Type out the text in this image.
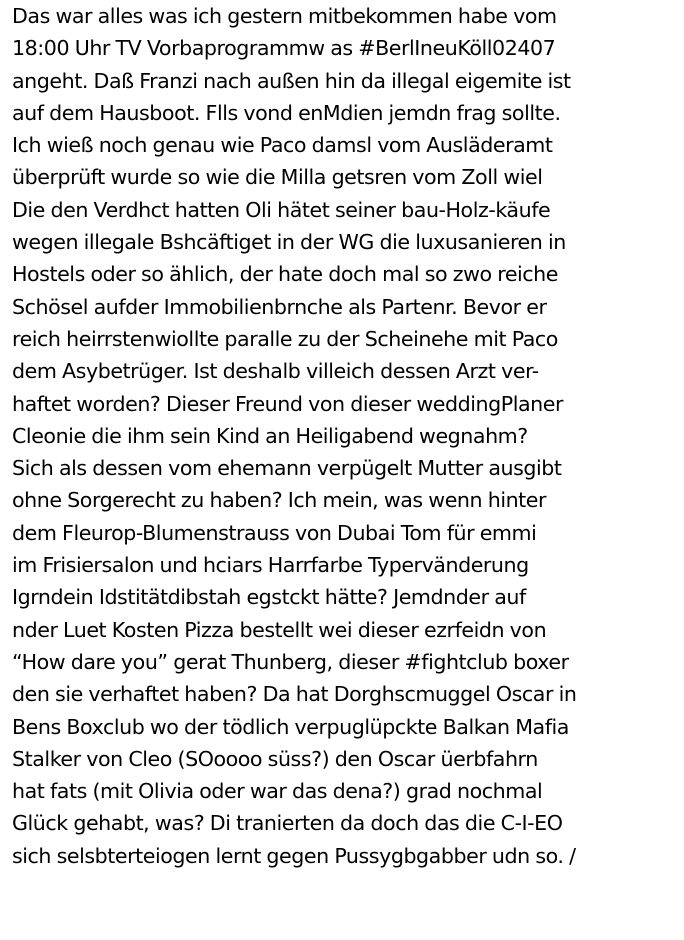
Das war alles was ich gestern mitbekommen habe vom
18:00 Uhr TV Vorbaprogrammw as #BerlIneuKöll02407
angeht. Daß Franzi nach außen hin da illegal eigemite ist
auf dem Hausboot. Flls vond enMdien jemdn frag sollte.
Ich wieß noch genau wie Paco damsl vom Ausläderamt
überprüft wurde so wie die Milla getsren vom Zoll wiel
Die den Verdhct hatten Oli hätet seiner bau-Holz-käufe
wegen illegale Bshcäftiget in der WG die luxusanieren in
Hostels oder so ählich, der hate doch mal so zwo reiche
Schösel aufder Immobilienbrnche als Partenr. Bevor er
reich heirrstenwiollte paralle zu der Scheinehe mit Paco
dem Asybetrüger. Ist deshalb villeich dessen Arzt ver-
haftet worden? Dieser Freund von dieser weddingPlaner
Cleonie die ihm sein Kind an Heiligabend wegnahm?
Sich als dessen vom ehemann verpügelt Mutter ausgibt
ohne Sorgerecht zu haben? Ich mein, was wenn hinter
dem Fleurop-Blumenstrauss von Dubai Tom für emmi
im Frisiersalon und hciars Harrfarbe Typervänderung
Igrndein Idstitätdibstah egstckt hätte? Jemdnder auf
nder Luet Kosten Pizza bestellt wei dieser ezrfeidn von
“How dare you” gerat Thunberg, dieser #fightclub boxer
den sie verhaftet haben? Da hat Dorghscmuggel Oscar in
Bens Boxclub wo der tödlich verpuglüpckte Balkan Mafia
Stalker von Cleo (SOoooo süss?) den Oscar üerbfahrn
hat fats (mit Olivia oder war das dena?) grad nochmal
Glück gehabt, was? Di tranierten da doch das die C-I-EO
sich selsbterteiogen lernt gegen Pussygbgabber udn so. /
